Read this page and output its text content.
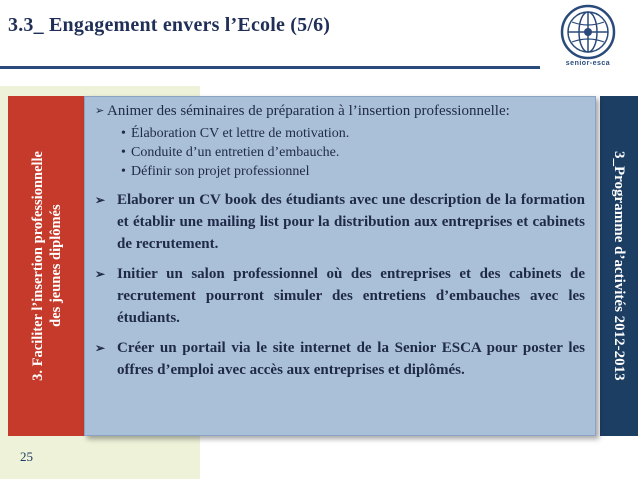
3.3_ Engagement envers l’Ecole (5/6)
senior-esca
3. Faciliter l’insertion professionnelle des jeunes diplômés	3_Programme d’activités 2012-2013
➢ Animer des séminaires de préparation à l’insertion professionnelle:
• Élaboration CV et lettre de motivation.
• Conduite d’un entretien d’embauche.
• Définir son projet professionnel
➢ Elaborer un CV book des étudiants avec une description de la formation et établir une mailing list pour la distribution aux entreprises et cabinets de recrutement.
➢ Initier un salon professionnel où des entreprises et des cabinets de recrutement pourront simuler des entretiens d’embauches avec les étudiants.
➢ Créer un portail via le site internet de la Senior ESCA pour poster les offres d’emploi avec accès aux entreprises et diplômés.
25
